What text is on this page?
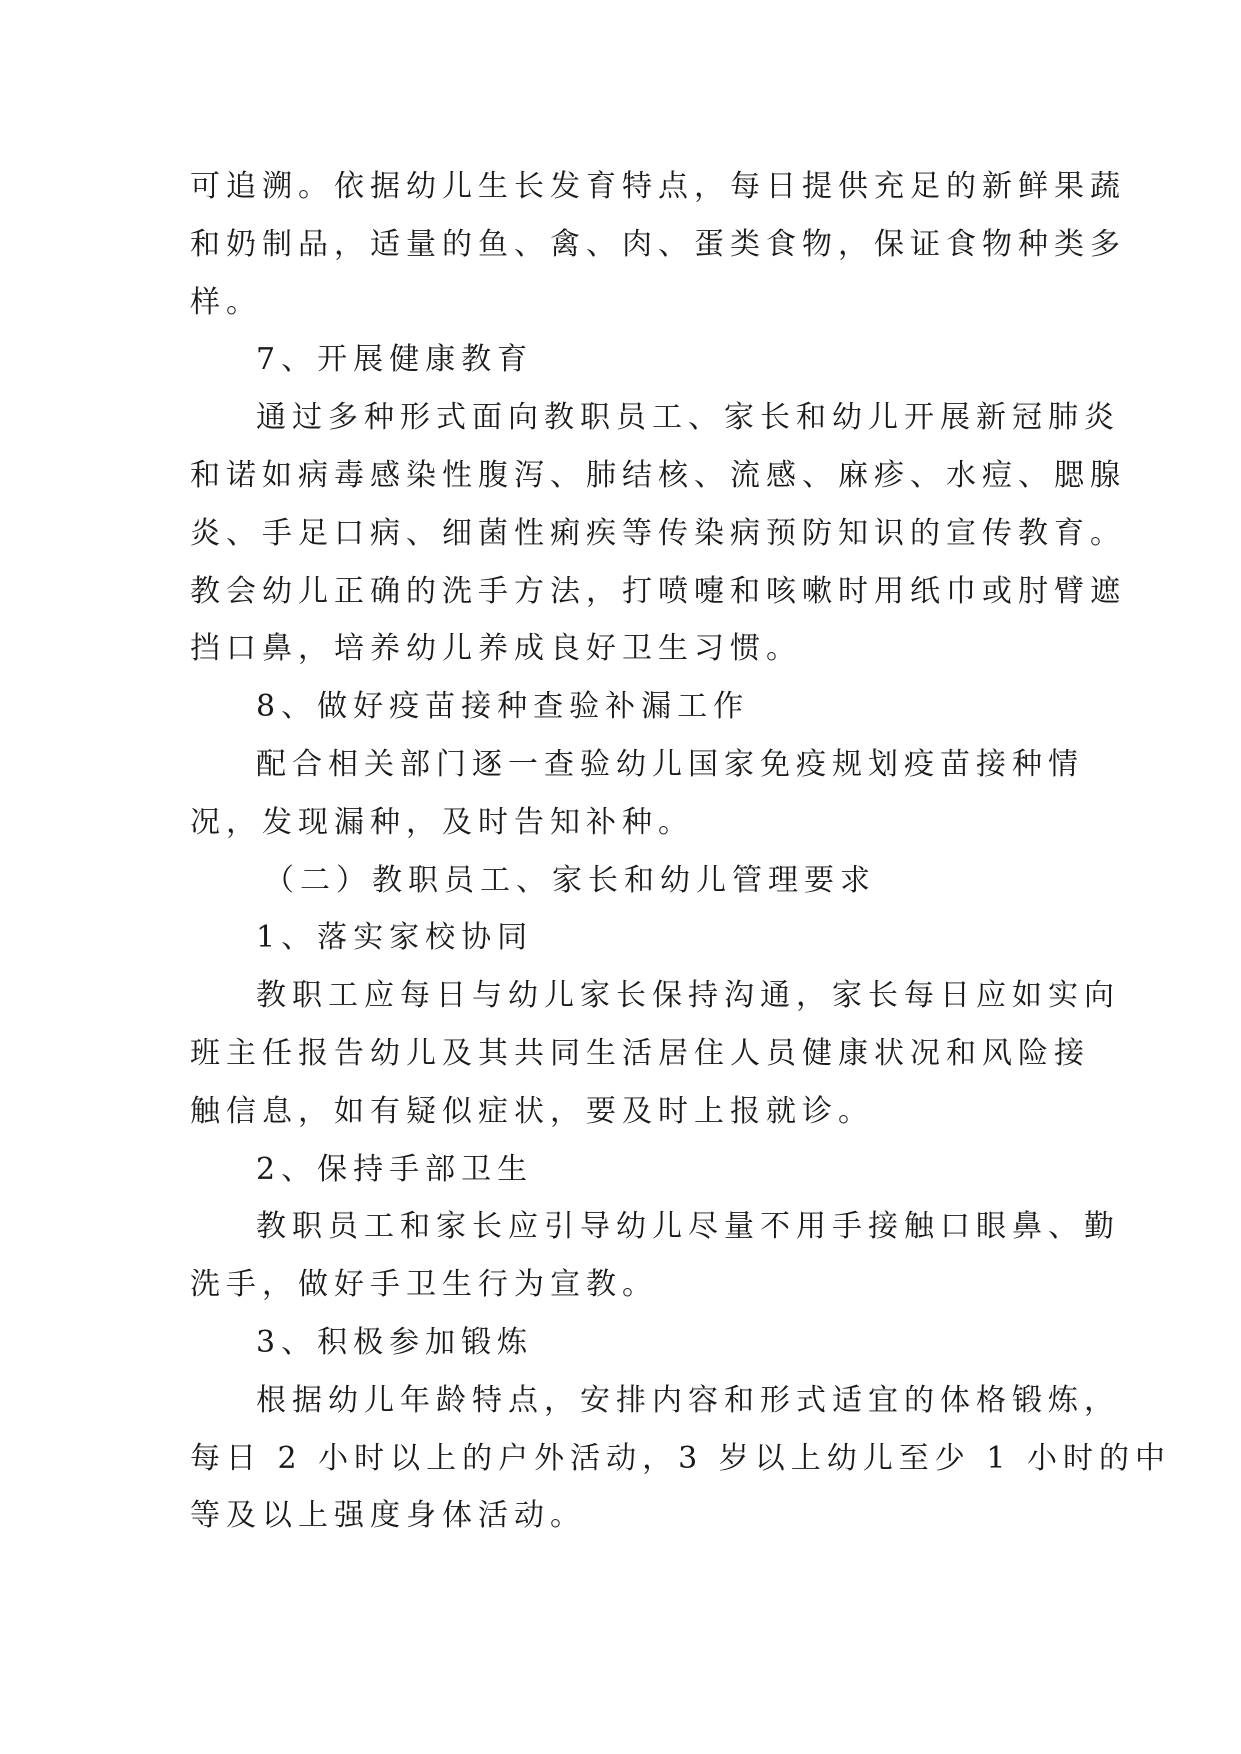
可追溯。依据幼儿生长发育特点，每日提供充足的新鲜果蔬
和奶制品，适量的鱼、禽、肉、蛋类食物，保证食物种类多
样。
7、开展健康教育
通过多种形式面向教职员工、家长和幼儿开展新冠肺炎
和诺如病毒感染性腹泻、肺结核、流感、麻疹、水痘、腮腺
炎、手足口病、细菌性痢疾等传染病预防知识的宣传教育。
教会幼儿正确的洗手方法，打喷嚏和咳嗽时用纸巾或肘臂遮
挡口鼻，培养幼儿养成良好卫生习惯。
8、做好疫苗接种查验补漏工作
配合相关部门逐一查验幼儿国家免疫规划疫苗接种情
况，发现漏种，及时告知补种。
（二）教职员工、家长和幼儿管理要求
1、落实家校协同
教职工应每日与幼儿家长保持沟通，家长每日应如实向
班主任报告幼儿及其共同生活居住人员健康状况和风险接
触信息，如有疑似症状，要及时上报就诊。
2、保持手部卫生
教职员工和家长应引导幼儿尽量不用手接触口眼鼻、勤
洗手，做好手卫生行为宣教。
3、积极参加锻炼
根据幼儿年龄特点，安排内容和形式适宜的体格锻炼，
每日 2 小时以上的户外活动，3 岁以上幼儿至少 1 小时的中
等及以上强度身体活动。
